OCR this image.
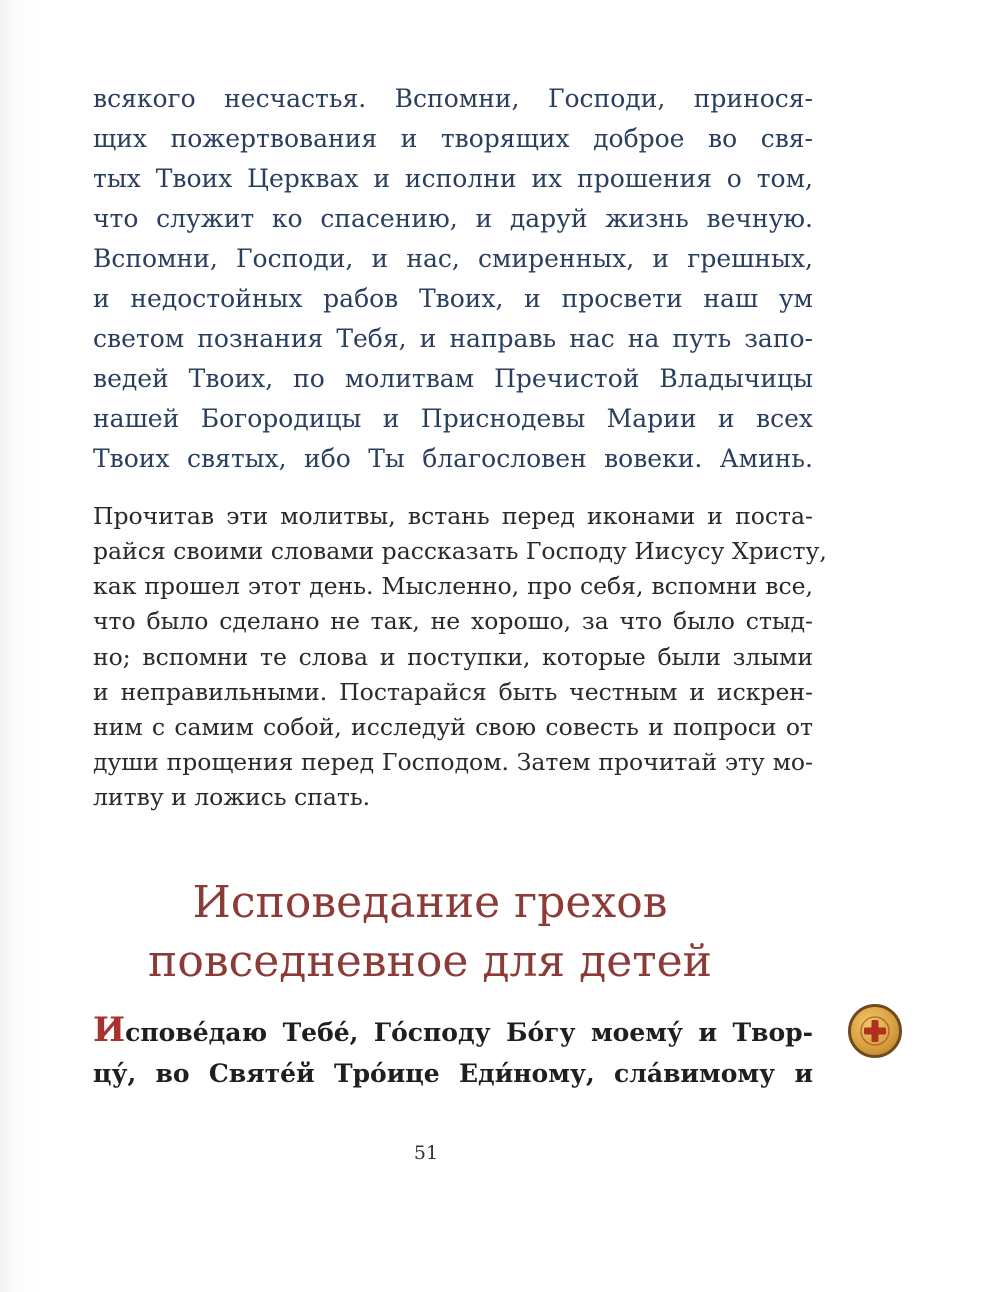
всякого несчастья. Вспомни, Господи, принося-
щих пожертвования и творящих доброе во свя-
тых Твоих Церквах и исполни их прошения о том,
что служит ко спасению, и даруй жизнь вечную.
Вспомни, Господи, и нас, смиренных, и грешных,
и недостойных рабов Твоих, и просвети наш ум
светом познания Тебя, и направь нас на путь запо-
ведей Твоих, по молитвам Пречистой Владычицы
нашей Богородицы и Приснодевы Марии и всех
Твоих святых, ибо Ты благословен вовеки. Аминь.
Прочитав эти молитвы, встань перед иконами и поста-
райся своими словами рассказать Господу Иисусу Христу,
как прошел этот день. Мысленно, про себя, вспомни все,
что было сделано не так, не хорошо, за что было стыд-
но; вспомни те слова и поступки, которые были злыми
и неправильными. Постарайся быть честным и искрен-
ним с самим собой, исследуй свою совесть и попроси от
души прощения перед Господом. Затем прочитай эту мо-
литву и ложись спать.
Исповедание грехов
повседневное для детей
Испове́даю Тебе́, Го́споду Бо́гу моему́ и Твор-
цу́, во Святе́й Тро́ице Еди́ному, сла́вимому и
51
